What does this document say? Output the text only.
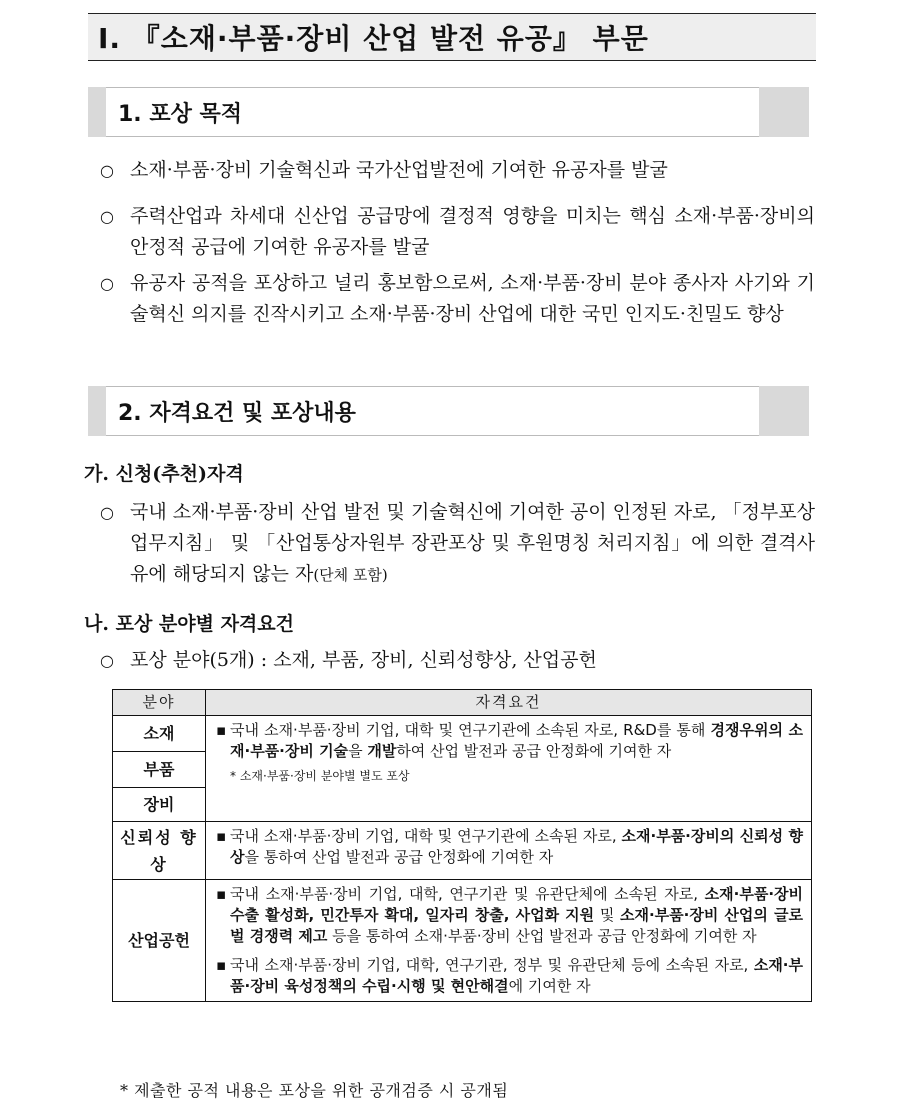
Ⅰ. 『소재·부품·장비 산업 발전 유공』 부문
1. 포상 목적
○ 소재·부품·장비 기술혁신과 국가산업발전에 기여한 유공자를 발굴
○ 주력산업과 차세대 신산업 공급망에 결정적 영향을 미치는 핵심 소재·부품·장비의 안정적 공급에 기여한 유공자를 발굴
○ 유공자 공적을 포상하고 널리 홍보함으로써, 소재·부품·장비 분야 종사자 사기와 기술혁신 의지를 진작시키고 소재·부품·장비 산업에 대한 국민 인지도·친밀도 향상
2. 자격요건 및 포상내용
가. 신청(추천)자격
○ 국내 소재·부품·장비 산업 발전 및 기술혁신에 기여한 공이 인정된 자로, 「정부포상 업무지침」 및 「산업통상자원부 장관포상 및 후원명칭 처리지침」에 의한 결격사유에 해당되지 않는 자(단체 포함)
나. 포상 분야별 자격요건
○ 포상 분야(5개) : 소재, 부품, 장비, 신뢰성향상, 산업공헌
분야	자격요건
소재	▪ 국내 소재·부품·장비 기업, 대학 및 연구기관에 소속된 자로, R&D를 통해 경쟁우위의 소재·부품·장비 기술을 개발하여 산업 발전과 공급 안정화에 기여한 자
* 소재·부품·장비 분야별 별도 포상

부품	
장비	
신뢰성 향상	▪ 국내 소재·부품·장비 기업, 대학 및 연구기관에 소속된 자로, 소재·부품·장비의 신뢰성 향상을 통하여 산업 발전과 공급 안정화에 기여한 자

산업공헌	▪ 국내 소재·부품·장비 기업, 대학, 연구기관 및 유관단체에 소속된 자로, 소재·부품·장비 수출 활성화, 민간투자 확대, 일자리 창출, 사업화 지원 및 소재·부품·장비 산업의 글로벌 경쟁력 제고 등을 통하여 소재·부품·장비 산업 발전과 공급 안정화에 기여한 자
▪ 국내 소재·부품·장비 기업, 대학, 연구기관, 정부 및 유관단체 등에 소속된 자로, 소재·부품·장비 육성정책의 수립·시행 및 현안해결에 기여한 자
* 제출한 공적 내용은 포상을 위한 공개검증 시 공개됨
